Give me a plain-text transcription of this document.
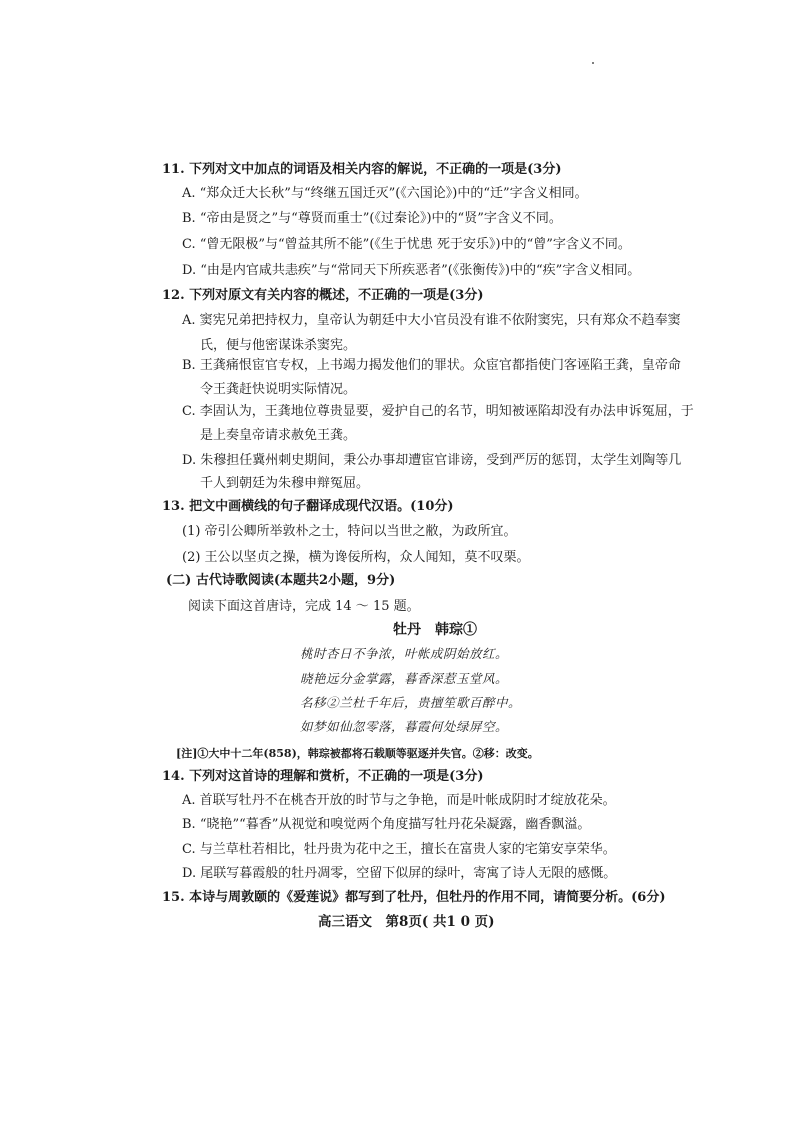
11. 下列对文中加点的词语及相关内容的解说，不正确的一项是(3分)
A. “郑众迁大长秋”与“终继五国迁灭”(《六国论》)中的“迁”字含义相同。
B. “帝由是贤之”与“尊贤而重士”(《过秦论》)中的“贤”字含义不同。
C. “曾无限极”与“曾益其所不能”(《生于忧患 死于安乐》)中的“曾”字含义不同。
D. “由是内官咸共恚疾”与“常同天下所疾恶者”(《张衡传》)中的“疾”字含义相同。
12. 下列对原文有关内容的概述，不正确的一项是(3分)
A. 窦宪兄弟把持权力，皇帝认为朝廷中大小官员没有谁不依附窦宪，只有郑众不趋奉窦
氏，便与他密谋诛杀窦宪。
B. 王龚痛恨宦官专权，上书竭力揭发他们的罪状。众宦官都指使门客诬陷王龚，皇帝命
令王龚赶快说明实际情况。
C. 李固认为，王龚地位尊贵显要，爱护自己的名节，明知被诬陷却没有办法申诉冤屈，于
是上奏皇帝请求赦免王龚。
D. 朱穆担任冀州刺史期间，秉公办事却遭宦官诽谤，受到严厉的惩罚，太学生刘陶等几
千人到朝廷为朱穆申辩冤屈。
13. 把文中画横线的句子翻译成现代汉语。(10分)
(1) 帝引公卿所举敦朴之士，特问以当世之敝，为政所宜。
(2) 王公以坚贞之操，横为谗佞所构，众人闻知，莫不叹栗。
(二) 古代诗歌阅读(本题共2小题，9分)
阅读下面这首唐诗，完成 14 ～ 15 题。
牡丹　韩琮①
桃时杏日不争浓，叶帐成阴始放红。
晓艳远分金掌露，暮香深惹玉堂风。
名移②兰杜千年后，贵擅笙歌百醉中。
如梦如仙忽零落，暮霞何处绿屏空。
[注]①大中十二年(858)，韩琮被都将石载顺等驱逐并失官。②移：改变。
14. 下列对这首诗的理解和赏析，不正确的一项是(3分)
A. 首联写牡丹不在桃杏开放的时节与之争艳，而是叶帐成阴时才绽放花朵。
B. “晓艳”“暮香”从视觉和嗅觉两个角度描写牡丹花朵凝露，幽香飘溢。
C. 与兰草杜若相比，牡丹贵为花中之王，擅长在富贵人家的宅第安享荣华。
D. 尾联写暮霞般的牡丹凋零，空留下似屏的绿叶，寄寓了诗人无限的感慨。
15. 本诗与周敦颐的《爱莲说》都写到了牡丹，但牡丹的作用不同，请简要分析。(6分)
高三语文　第8页( 共1 0 页)
